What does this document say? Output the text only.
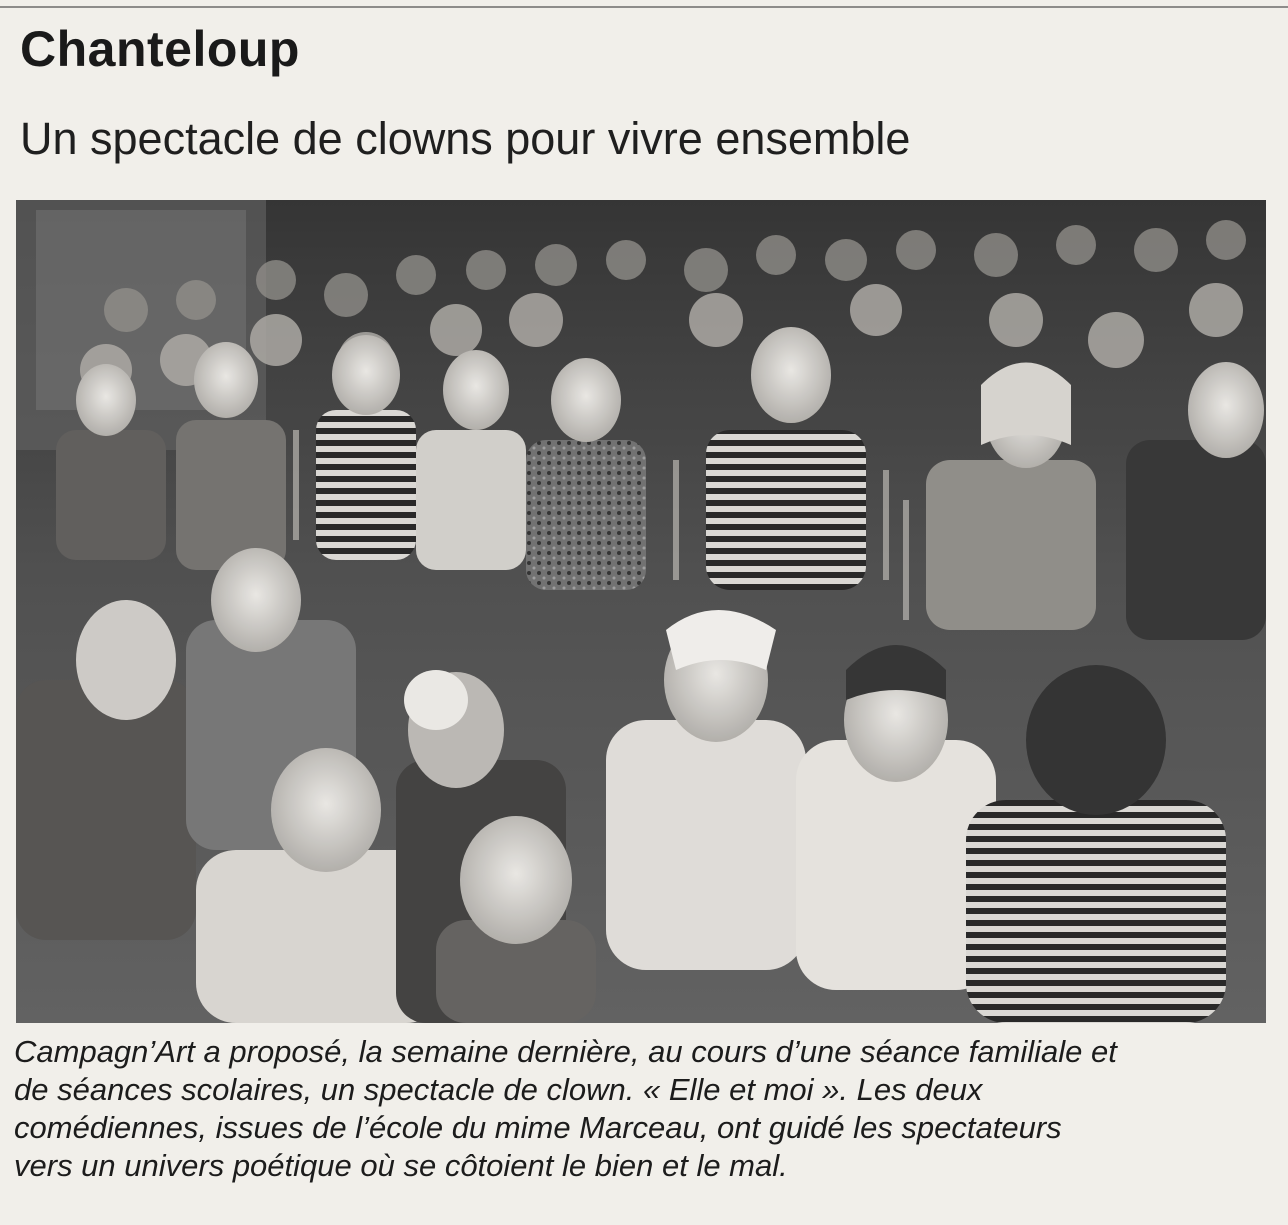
Chanteloup
Un spectacle de clowns pour vivre ensemble
Campagn’Art a proposé, la semaine dernière, au cours d’une séance familiale et
de séances scolaires, un spectacle de clown. « Elle et moi ». Les deux
comédiennes, issues de l’école du mime Marceau, ont guidé les spectateurs
vers un univers poétique où se côtoient le bien et le mal.
